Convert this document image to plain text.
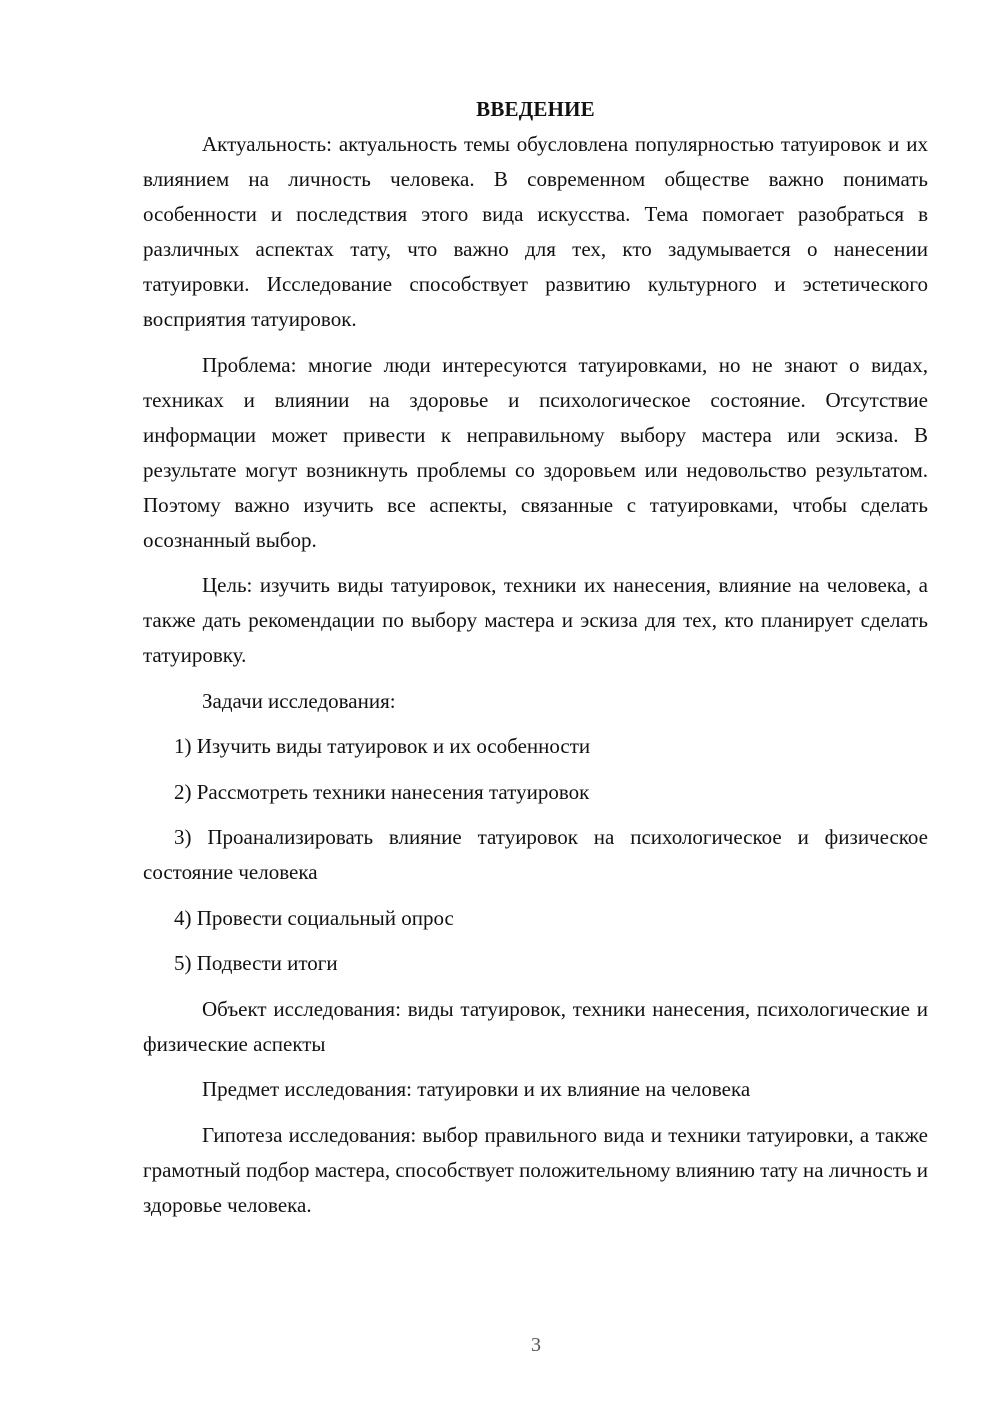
ВВЕДЕНИЕ

Актуальность: актуальность темы обусловлена популярностью татуировок и их влиянием на личность человека. В современном обществе важно понимать особенности и последствия этого вида искусства. Тема помогает разобраться в различных аспектах тату, что важно для тех, кто задумывается о нанесении татуировки. Исследование способствует развитию культурного и эстетического восприятия татуировок.

Проблема: многие люди интересуются татуировками, но не знают о видах, техниках и влиянии на здоровье и психологическое состояние. Отсутствие информации может привести к неправильному выбору мастера или эскиза. В результате могут возникнуть проблемы со здоровьем или недовольство результатом. Поэтому важно изучить все аспекты, связанные с татуировками, чтобы сделать осознанный выбор.

Цель: изучить виды татуировок, техники их нанесения, влияние на человека, а также дать рекомендации по выбору мастера и эскиза для тех, кто планирует сделать татуировку.

Задачи исследования:

1) Изучить виды татуировок и их особенности

2) Рассмотреть техники нанесения татуировок

3) Проанализировать влияние татуировок на психологическое и физическое состояние человека

4) Провести социальный опрос

5) Подвести итоги

Объект исследования: виды татуировок, техники нанесения, психологические и физические аспекты

Предмет исследования: татуировки и их влияние на человека

Гипотеза исследования: выбор правильного вида и техники татуировки, а также грамотный подбор мастера, способствует положительному влиянию тату на личность и здоровье человека.

3
